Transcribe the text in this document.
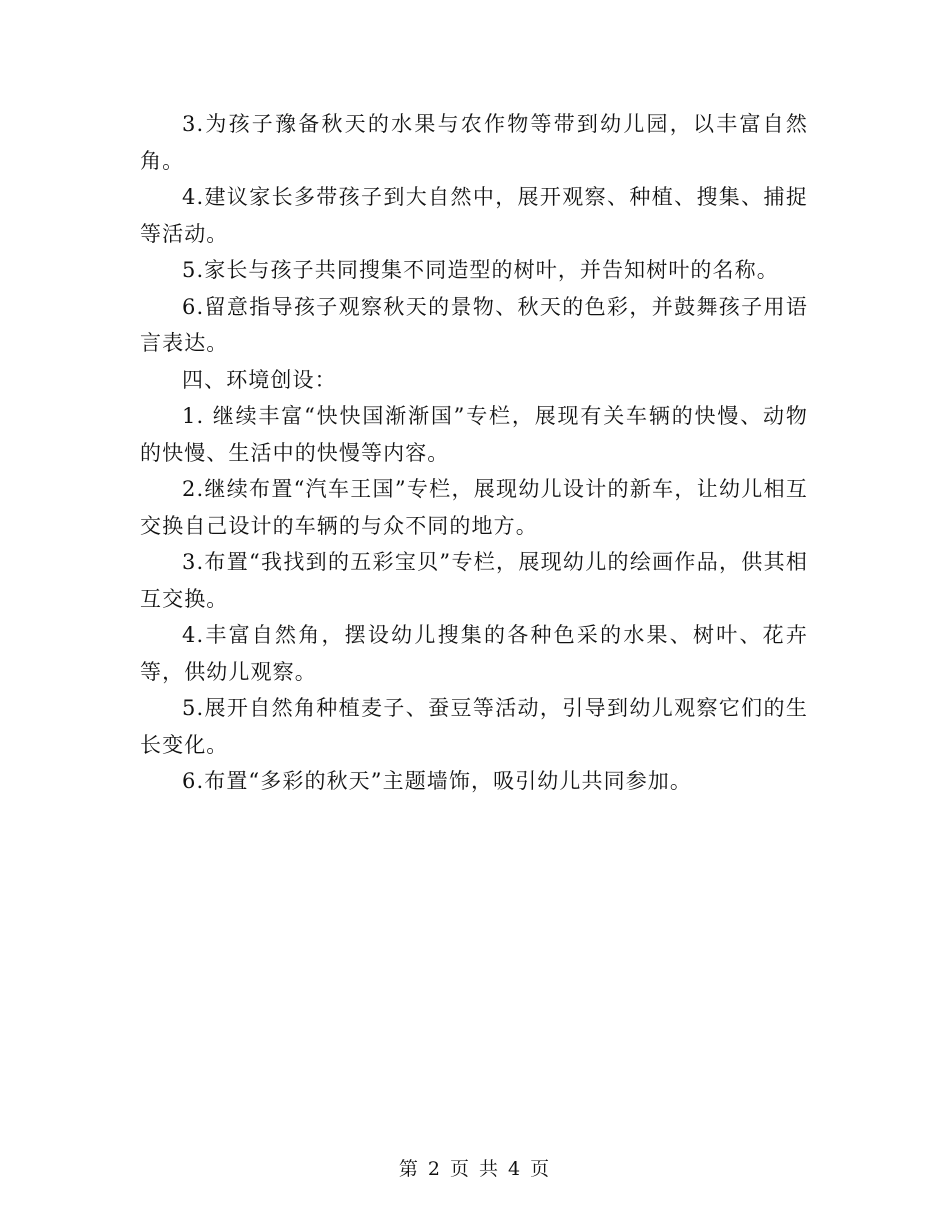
3.为孩子豫备秋天的水果与农作物等带到幼儿园，以丰富自然角。

4.建议家长多带孩子到大自然中，展开观察、种植、搜集、捕捉等活动。

5.家长与孩子共同搜集不同造型的树叶，并告知树叶的名称。

6.留意指导孩子观察秋天的景物、秋天的色彩，并鼓舞孩子用语言表达。

四、环境创设：

1. 继续丰富“快快国渐渐国”专栏，展现有关车辆的快慢、动物的快慢、生活中的快慢等内容。

2.继续布置“汽车王国”专栏，展现幼儿设计的新车，让幼儿相互交换自己设计的车辆的与众不同的地方。

3.布置“我找到的五彩宝贝”专栏，展现幼儿的绘画作品，供其相互交换。

4.丰富自然角，摆设幼儿搜集的各种色采的水果、树叶、花卉等，供幼儿观察。

5.展开自然角种植麦子、蚕豆等活动，引导到幼儿观察它们的生长变化。

6.布置“多彩的秋天”主题墙饰，吸引幼儿共同参加。

第 2 页 共 4 页
